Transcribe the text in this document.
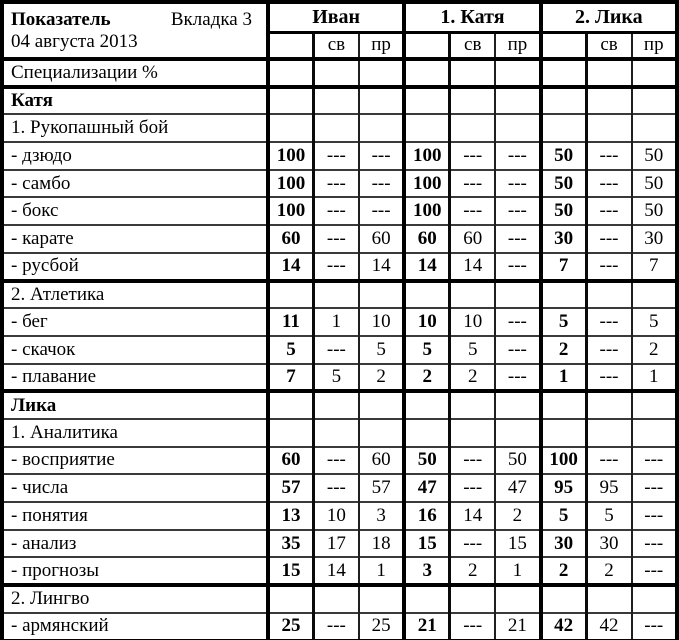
Показатель Вкладка 3
04 августа 2013	Иван			1. Катя			2. Лика		
		св	пр		св	пр		св	пр
Специализации %									
Катя									
1. Рукопашный бой									
- дзюдо	100	---	---	100	---	---	50	---	50
- самбо	100	---	---	100	---	---	50	---	50
- бокс	100	---	---	100	---	---	50	---	50
- карате	60	---	60	60	60	---	30	---	30
- русбой	14	---	14	14	14	---	7	---	7
2. Атлетика									
- бег	11	1	10	10	10	---	5	---	5
- скачок	5	---	5	5	5	---	2	---	2
- плавание	7	5	2	2	2	---	1	---	1
Лика									
1. Аналитика									
- восприятие	60	---	60	50	---	50	100	---	---
- числа	57	---	57	47	---	47	95	95	---
- понятия	13	10	3	16	14	2	5	5	---
- анализ	35	17	18	15	---	15	30	30	---
- прогнозы	15	14	1	3	2	1	2	2	---
2. Лингво									
- армянский	25	---	25	21	---	21	42	42	---
